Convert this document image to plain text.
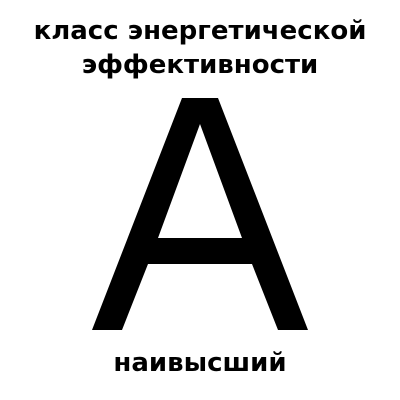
класс энергетической
эффективности
наивысший
